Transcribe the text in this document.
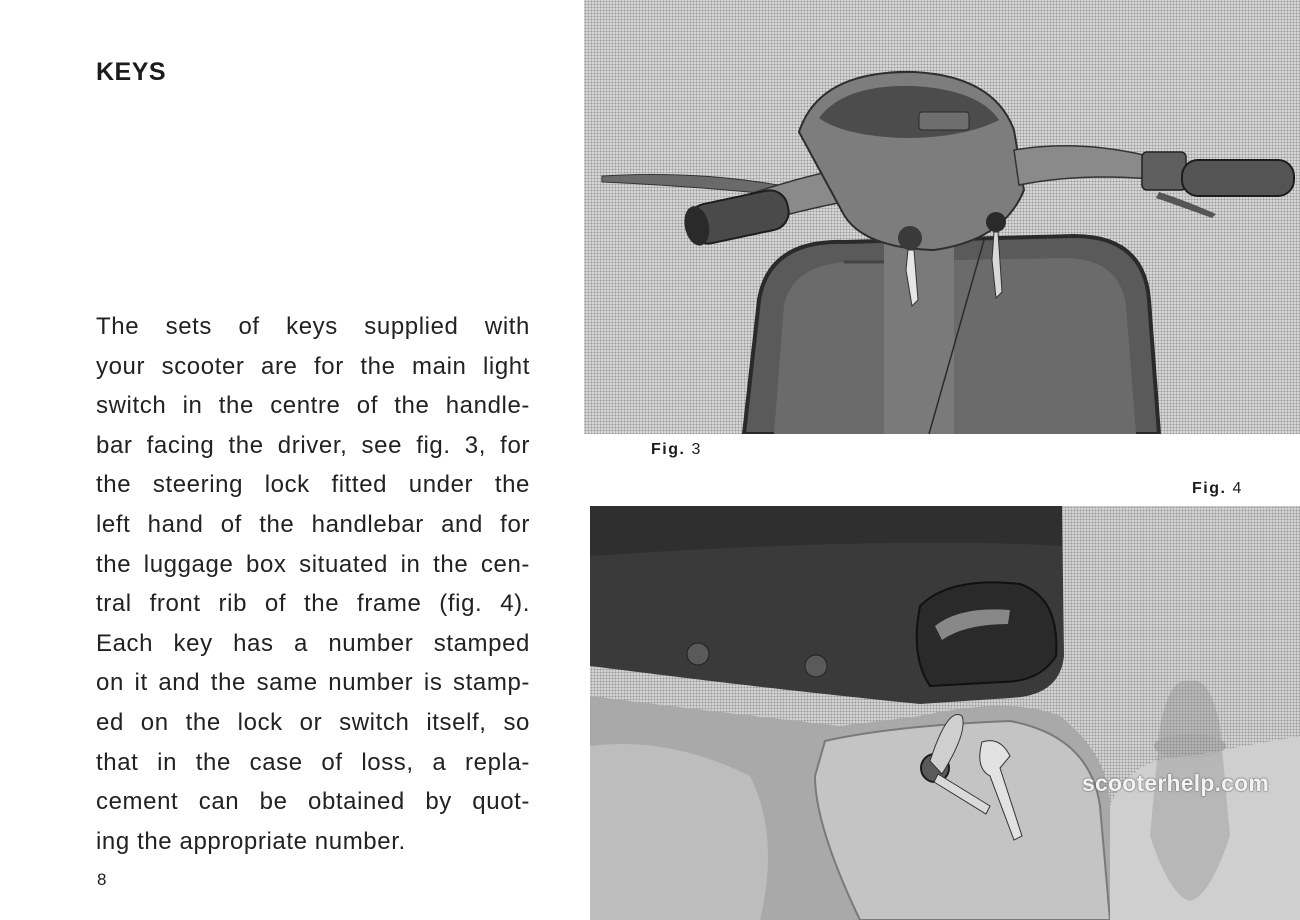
KEYS
The sets of keys supplied with
your scooter are for the main light
switch in the centre of the handle-
bar facing the driver, see fig. 3, for
the steering lock fitted under the
left hand of the handlebar and for
the luggage box situated in the cen-
tral front rib of the frame (fig. 4).
Each key has a number stamped
on it and the same number is stamp-
ed on the lock or switch itself, so
that in the case of loss, a repla-
cement can be obtained by quot-
ing the appropriate number.
8
Fig. 3
Fig. 4
scooterhelp.com
